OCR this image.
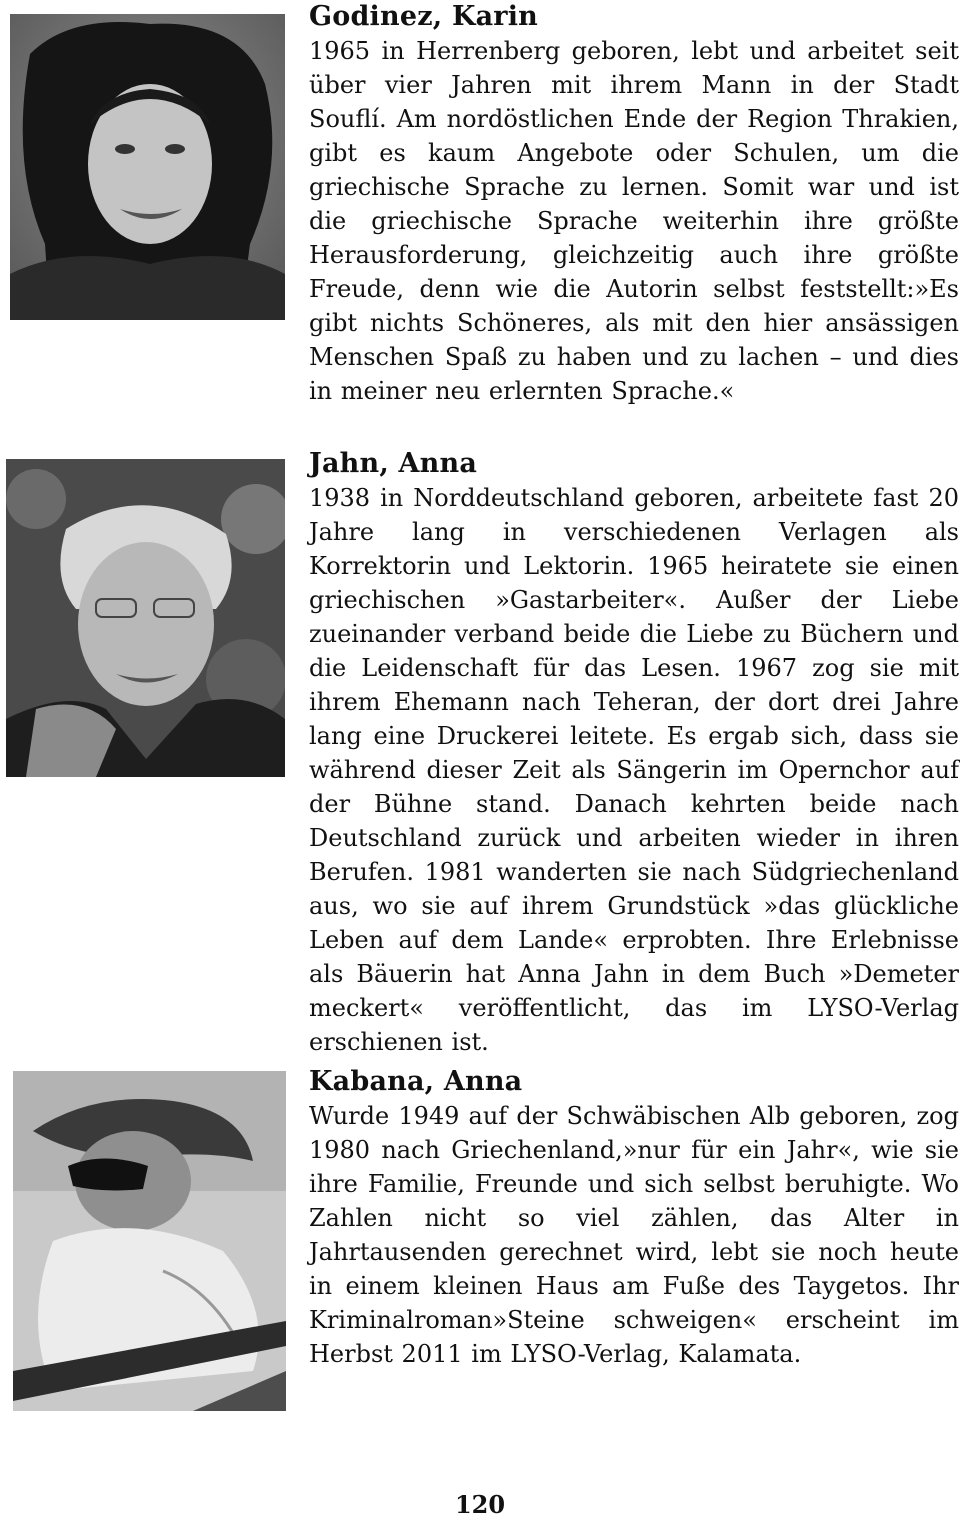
Godinez, Karin

1965 in Herrenberg geboren, lebt und arbeitet seit über vier Jahren mit ihrem Mann in der Stadt Souflí. Am nordöstlichen Ende der Region Thrakien, gibt es kaum Angebote oder Schulen, um die griechische Sprache zu lernen. Somit war und ist die griechische Sprache weiterhin ihre größte Herausforderung, gleichzeitig auch ihre größte Freude, denn wie die Autorin selbst feststellt:»Es gibt nichts Schöneres, als mit den hier ansässigen Menschen Spaß zu haben und zu lachen – und dies in meiner neu erlernten Sprache.«

Jahn, Anna

1938 in Norddeutschland geboren, arbeitete fast 20 Jahre lang in verschiedenen Verlagen als Korrektorin und Lektorin. 1965 heiratete sie einen griechischen »Gastarbeiter«. Außer der Liebe zueinander verband beide die Liebe zu Büchern und die Leidenschaft für das Lesen. 1967 zog sie mit ihrem Ehemann nach Teheran, der dort drei Jahre lang eine Druckerei leitete. Es ergab sich, dass sie während dieser Zeit als Sängerin im Opernchor auf der Bühne stand. Danach kehrten beide nach Deutschland zurück und arbeiten wieder in ihren Berufen. 1981 wanderten sie nach Südgriechenland aus, wo sie auf ihrem Grundstück »das glückliche Leben auf dem Lande« erprobten. Ihre Erlebnisse als Bäuerin hat Anna Jahn in dem Buch »Demeter meckert« veröffentlicht, das im LYSO-Verlag erschienen ist.

Kabana, Anna

Wurde 1949 auf der Schwäbischen Alb geboren, zog 1980 nach Griechenland,»nur für ein Jahr«, wie sie ihre Familie, Freunde und sich selbst beruhigte. Wo Zahlen nicht so viel zählen, das Alter in Jahrtausenden gerechnet wird, lebt sie noch heute in einem kleinen Haus am Fuße des Taygetos. Ihr Kriminalroman»Steine schweigen« erscheint im Herbst 2011 im LYSO-Verlag, Kalamata.

120
